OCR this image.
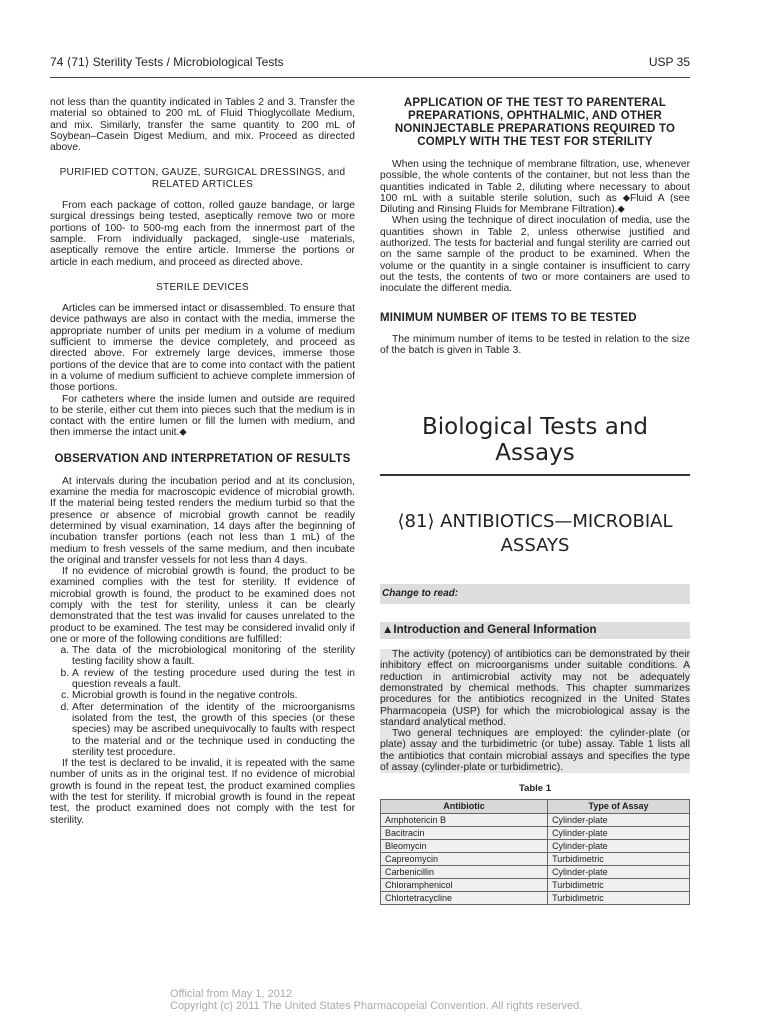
74 ⟨71⟩ Sterility Tests / Microbiological Tests	USP 35

not less than the quantity indicated in Tables 2 and 3. Transfer the material so obtained to 200 mL of Fluid Thioglycollate Medium, and mix. Similarly, transfer the same quantity to 200 mL of Soybean–Casein Digest Medium, and mix. Proceed as directed above.

PURIFIED COTTON, GAUZE, SURGICAL DRESSINGS, and RELATED ARTICLES

From each package of cotton, rolled gauze bandage, or large surgical dressings being tested, aseptically remove two or more portions of 100- to 500-mg each from the innermost part of the sample. From individually packaged, single-use materials, aseptically remove the entire article. Immerse the portions or article in each medium, and proceed as directed above.

STERILE DEVICES

Articles can be immersed intact or disassembled. To ensure that device pathways are also in contact with the media, immerse the appropriate number of units per medium in a volume of medium sufficient to immerse the device completely, and proceed as directed above. For extremely large devices, immerse those portions of the device that are to come into contact with the patient in a volume of medium sufficient to achieve complete immersion of those portions.

For catheters where the inside lumen and outside are required to be sterile, either cut them into pieces such that the medium is in contact with the entire lumen or fill the lumen with medium, and then immerse the intact unit.⬥

OBSERVATION AND INTERPRETATION OF RESULTS

At intervals during the incubation period and at its conclusion, examine the media for macroscopic evidence of microbial growth. If the material being tested renders the medium turbid so that the presence or absence of microbial growth cannot be readily determined by visual examination, 14 days after the beginning of incubation transfer portions (each not less than 1 mL) of the medium to fresh vessels of the same medium, and then incubate the original and transfer vessels for not less than 4 days.

If no evidence of microbial growth is found, the product to be examined complies with the test for sterility. If evidence of microbial growth is found, the product to be examined does not comply with the test for sterility, unless it can be clearly demonstrated that the test was invalid for causes unrelated to the product to be examined. The test may be considered invalid only if one or more of the following conditions are fulfilled:

a. The data of the microbiological monitoring of the sterility testing facility show a fault.
b. A review of the testing procedure used during the test in question reveals a fault.
c. Microbial growth is found in the negative controls.
d. After determination of the identity of the microorganisms isolated from the test, the growth of this species (or these species) may be ascribed unequivocally to faults with respect to the material and or the technique used in conducting the sterility test procedure.

If the test is declared to be invalid, it is repeated with the same number of units as in the original test. If no evidence of microbial growth is found in the repeat test, the product examined complies with the test for sterility. If microbial growth is found in the repeat test, the product examined does not comply with the test for sterility.

APPLICATION OF THE TEST TO PARENTERAL PREPARATIONS, OPHTHALMIC, AND OTHER NONINJECTABLE PREPARATIONS REQUIRED TO COMPLY WITH THE TEST FOR STERILITY

When using the technique of membrane filtration, use, whenever possible, the whole contents of the container, but not less than the quantities indicated in Table 2, diluting where necessary to about 100 mL with a suitable sterile solution, such as ⬥Fluid A (see Diluting and Rinsing Fluids for Membrane Filtration).⬥

When using the technique of direct inoculation of media, use the quantities shown in Table 2, unless otherwise justified and authorized. The tests for bacterial and fungal sterility are carried out on the same sample of the product to be examined. When the volume or the quantity in a single container is insufficient to carry out the tests, the contents of two or more containers are used to inoculate the different media.

MINIMUM NUMBER OF ITEMS TO BE TESTED

The minimum number of items to be tested in relation to the size of the batch is given in Table 3.

Biological Tests and Assays
⟨81⟩ ANTIBIOTICS—MICROBIAL ASSAYS
Change to read:
▲Introduction and General Information

The activity (potency) of antibiotics can be demonstrated by their inhibitory effect on microorganisms under suitable conditions. A reduction in antimicrobial activity may not be adequately demonstrated by chemical methods. This chapter summarizes procedures for the antibiotics recognized in the United States Pharmacopeia (USP) for which the microbiological assay is the standard analytical method.

Two general techniques are employed: the cylinder-plate (or plate) assay and the turbidimetric (or tube) assay. Table 1 lists all the antibiotics that contain microbial assays and specifies the type of assay (cylinder-plate or turbidimetric).

Table 1
Antibiotic	Type of Assay
Amphotericin B	Cylinder-plate
Bacitracin	Cylinder-plate
Bleomycin	Cylinder-plate
Capreomycin	Turbidimetric
Carbenicillin	Cylinder-plate
Chloramphenicol	Turbidimetric
Chlortetracycline	Turbidimetric
Official from May 1, 2012
Copyright (c) 2011 The United States Pharmacopeial Convention. All rights reserved.
